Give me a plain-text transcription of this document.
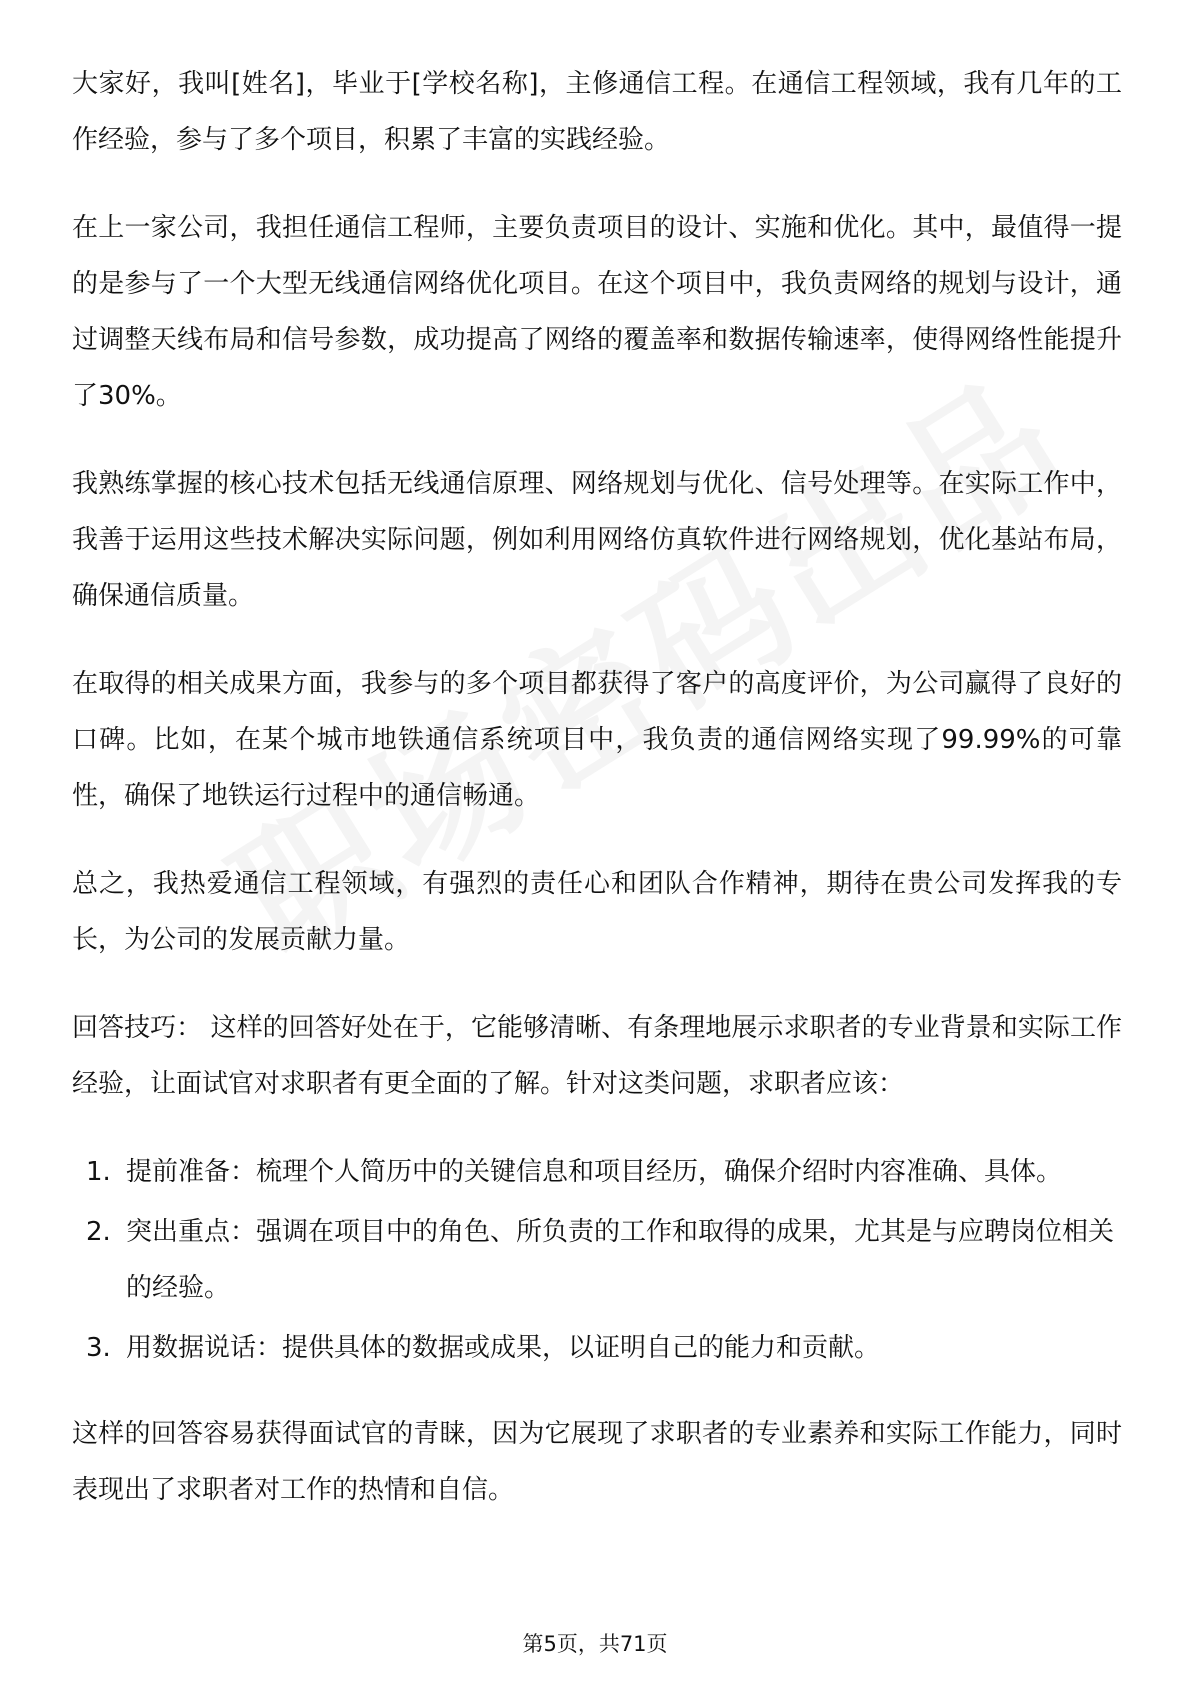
大家好，我叫[姓名]，毕业于[学校名称]，主修通信工程。在通信工程领域，我有几年的工作经验，参与了多个项目，积累了丰富的实践经验。

在上一家公司，我担任通信工程师，主要负责项目的设计、实施和优化。其中，最值得一提的是参与了一个大型无线通信网络优化项目。在这个项目中，我负责网络的规划与设计，通过调整天线布局和信号参数，成功提高了网络的覆盖率和数据传输速率，使得网络性能提升了30%。

我熟练掌握的核心技术包括无线通信原理、网络规划与优化、信号处理等。在实际工作中，我善于运用这些技术解决实际问题，例如利用网络仿真软件进行网络规划，优化基站布局，确保通信质量。

在取得的相关成果方面，我参与的多个项目都获得了客户的高度评价，为公司赢得了良好的口碑。比如，在某个城市地铁通信系统项目中，我负责的通信网络实现了99.99%的可靠性，确保了地铁运行过程中的通信畅通。

总之，我热爱通信工程领域，有强烈的责任心和团队合作精神，期待在贵公司发挥我的专长，为公司的发展贡献力量。

回答技巧： 这样的回答好处在于，它能够清晰、有条理地展示求职者的专业背景和实际工作经验，让面试官对求职者有更全面的了解。针对这类问题，求职者应该：

1. 提前准备：梳理个人简历中的关键信息和项目经历，确保介绍时内容准确、具体。
2. 突出重点：强调在项目中的角色、所负责的工作和取得的成果，尤其是与应聘岗位相关的经验。
3. 用数据说话：提供具体的数据或成果，以证明自己的能力和贡献。

这样的回答容易获得面试官的青睐，因为它展现了求职者的专业素养和实际工作能力，同时表现出了求职者对工作的热情和自信。

第5页，共71页
